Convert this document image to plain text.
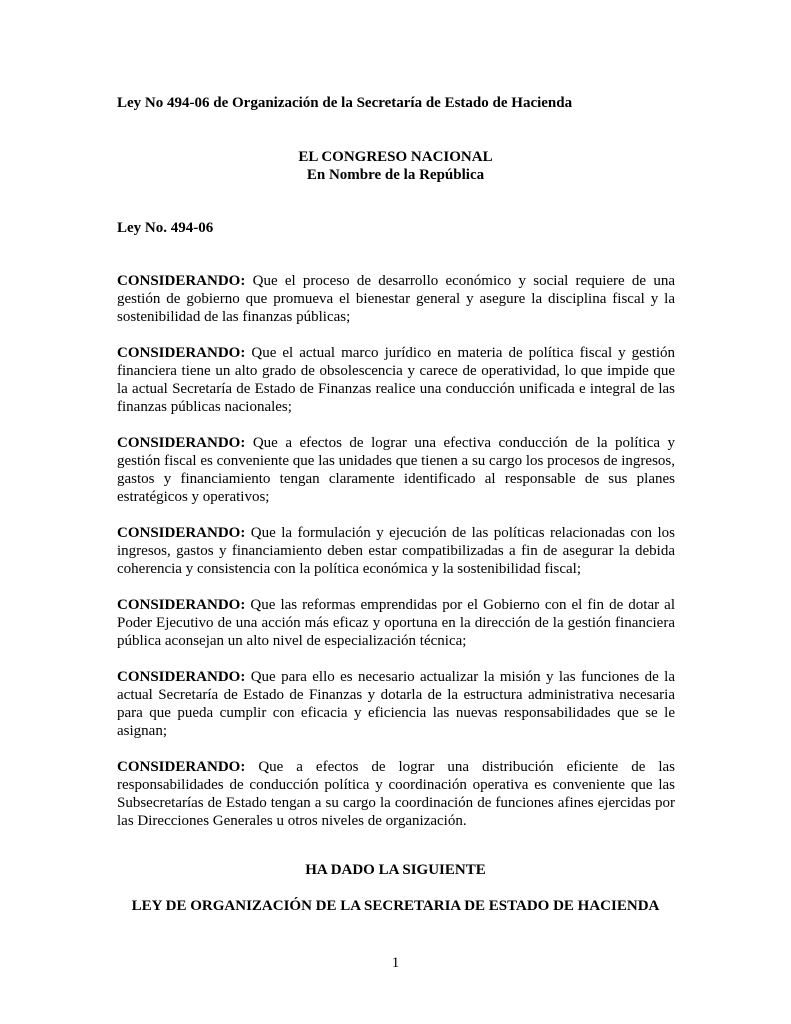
Ley No 494-06 de Organización de la Secretaría de Estado de Hacienda
EL CONGRESO NACIONAL
En Nombre de la República
Ley No. 494-06

CONSIDERANDO: Que el proceso de desarrollo económico y social requiere de una gestión de gobierno que promueva el bienestar general y asegure la disciplina fiscal y la sostenibilidad de las finanzas públicas;

CONSIDERANDO: Que el actual marco jurídico en materia de política fiscal y gestión financiera tiene un alto grado de obsolescencia y carece de operatividad, lo que impide que la actual Secretaría de Estado de Finanzas realice una conducción unificada e integral de las finanzas públicas nacionales;

CONSIDERANDO: Que a efectos de lograr una efectiva conducción de la política y gestión fiscal es conveniente que las unidades que tienen a su cargo los procesos de ingresos, gastos y financiamiento tengan claramente identificado al responsable de sus planes estratégicos y operativos;

CONSIDERANDO: Que la formulación y ejecución de las políticas relacionadas con los ingresos, gastos y financiamiento deben estar compatibilizadas a fin de asegurar la debida coherencia y consistencia con la política económica y la sostenibilidad fiscal;

CONSIDERANDO: Que las reformas emprendidas por el Gobierno con el fin de dotar al Poder Ejecutivo de una acción más eficaz y oportuna en la dirección de la gestión financiera pública aconsejan un alto nivel de especialización técnica;

CONSIDERANDO: Que para ello es necesario actualizar la misión y las funciones de la actual Secretaría de Estado de Finanzas y dotarla de la estructura administrativa necesaria para que pueda cumplir con eficacia y eficiencia las nuevas responsabilidades que se le asignan;

CONSIDERANDO: Que a efectos de lograr una distribución eficiente de las responsabilidades de conducción política y coordinación operativa es conveniente que las Subsecretarías de Estado tengan a su cargo la coordinación de funciones afines ejercidas por las Direcciones Generales u otros niveles de organización.

HA DADO LA SIGUIENTE
LEY DE ORGANIZACIÓN DE LA SECRETARIA DE ESTADO DE HACIENDA
1
